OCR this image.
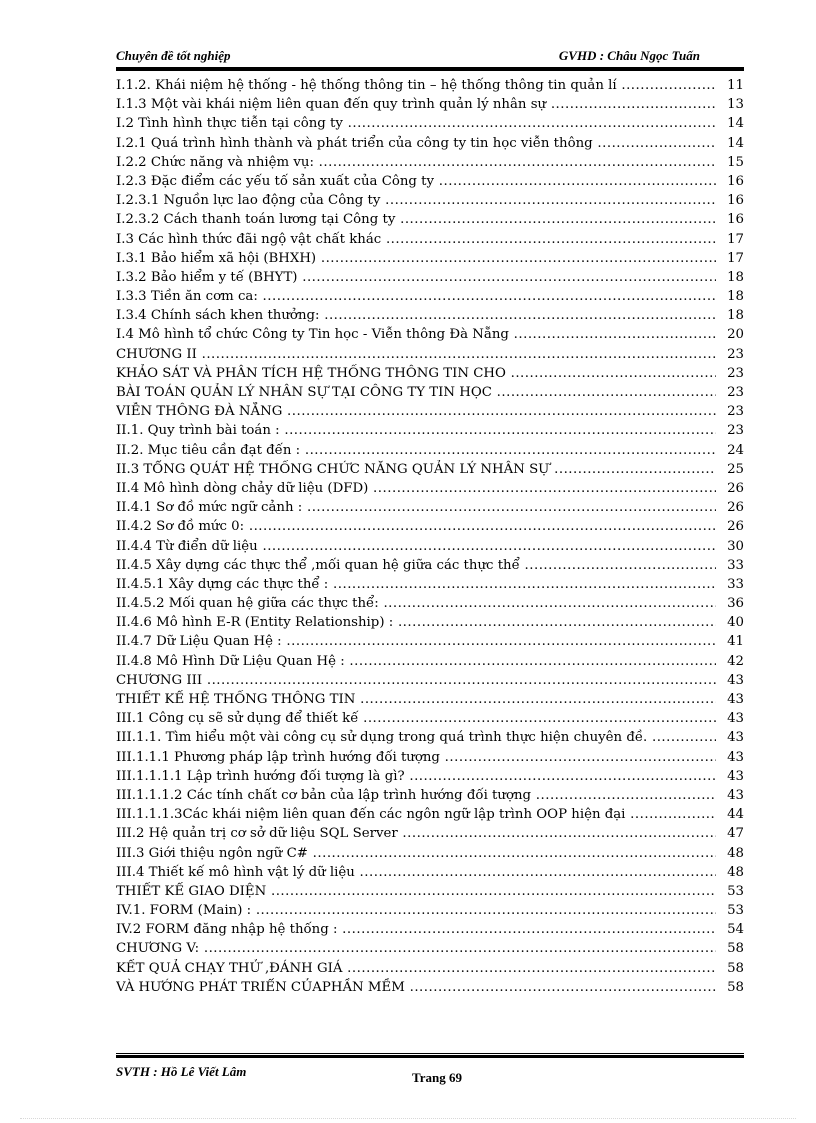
Chuyên đề tốt nghiệp	GVHD : Châu Ngọc Tuấn
I.1.2. Khái niệm hệ thống - hệ thống thông tin – hệ thống thông tin quản lí .....	11
I.1.3 Một vài khái niệm liên quan đến quy trình quản lý nhân sự .....	13
I.2 Tình hình thực tiễn tại công ty .....	14
I.2.1 Quá trình hình thành và phát triển của công ty tin học viễn thông .....	14
I.2.2 Chức năng và nhiệm vụ: .....	15
I.2.3 Đặc điểm các yếu tố sản xuất của Công ty .....	16
I.2.3.1 Nguồn lực lao động của Công ty .....	16
I.2.3.2 Cách thanh toán lương tại Công ty .....	16
I.3 Các hình thức đãi ngộ vật chất khác .....	17
I.3.1 Bảo hiểm xã hội (BHXH) .....	17
I.3.2 Bảo hiểm y tế (BHYT) .....	18
I.3.3 Tiền ăn cơm ca: .....	18
I.3.4 Chính sách khen thưởng: .....	18
I.4 Mô hình tổ chức Công ty Tin học - Viễn thông Đà Nẵng .....	20
CHƯƠNG II .....	23
KHẢO SÁT VÀ PHÂN TÍCH HỆ THỐNG THÔNG TIN CHO .....	23
BÀI TOÁN QUẢN LÝ NHÂN SỰ TẠI CÔNG TY TIN HỌC .....	23
VIỄN THÔNG ĐÀ NẴNG .....	23
II.1. Quy trình bài toán : .....	23
II.2. Mục tiêu cần đạt đến : .....	24
II.3 TỔNG QUÁT HỆ THỐNG CHỨC NĂNG QUẢN LÝ NHÂN SỰ .....	25
II.4 Mô hình dòng chảy dữ liệu (DFD) .....	26
II.4.1 Sơ đồ mức ngữ cảnh : .....	26
II.4.2 Sơ đồ mức 0: .....	26
II.4.4 Từ điển dữ liệu .....	30
II.4.5 Xây dựng các thực thể ,mối quan hệ giữa các thực thể .....	33
II.4.5.1 Xây dựng các thực thể : .....	33
II.4.5.2 Mối quan hệ giữa các thực thể: .....	36
II.4.6 Mô hình E-R (Entity Relationship) : .....	40
II.4.7 Dữ Liệu Quan Hệ : .....	41
II.4.8 Mô Hình Dữ Liệu Quan Hệ : .....	42
CHƯƠNG III .....	43
THIẾT KẾ HỆ THỐNG THÔNG TIN .....	43
III.1 Công cụ sẽ sử dụng để thiết kế .....	43
III.1.1. Tìm hiểu một vài công cụ sử dụng trong quá trình thực hiện chuyên đề. .....	43
III.1.1.1 Phương pháp lập trình hướng đối tượng .....	43
III.1.1.1.1 Lập trình hướng đối tượng là gì? .....	43
III.1.1.1.2 Các tính chất cơ bản của lập trình hướng đối tượng .....	43
III.1.1.1.3Các khái niệm liên quan đến các ngôn ngữ lập trình OOP hiện đại .....	44
III.2 Hệ quản trị cơ sở dữ liệu SQL Server .....	47
III.3 Giới thiệu ngôn ngữ C# .....	48
III.4 Thiết kế mô hình vật lý dữ liệu .....	48
THIẾT KẾ GIAO DIỆN .....	53
IV.1. FORM (Main) : .....	53
IV.2 FORM đăng nhập hệ thống : .....	54
CHƯƠNG V: .....	58
KẾT QUẢ CHẠY THỬ ,ĐÁNH GIÁ .....	58
VÀ HƯỚNG PHÁT TRIỂN CỦAPHẦN MỀM .....	58
SVTH : Hồ Lê Viết Lâm	Trang 69
